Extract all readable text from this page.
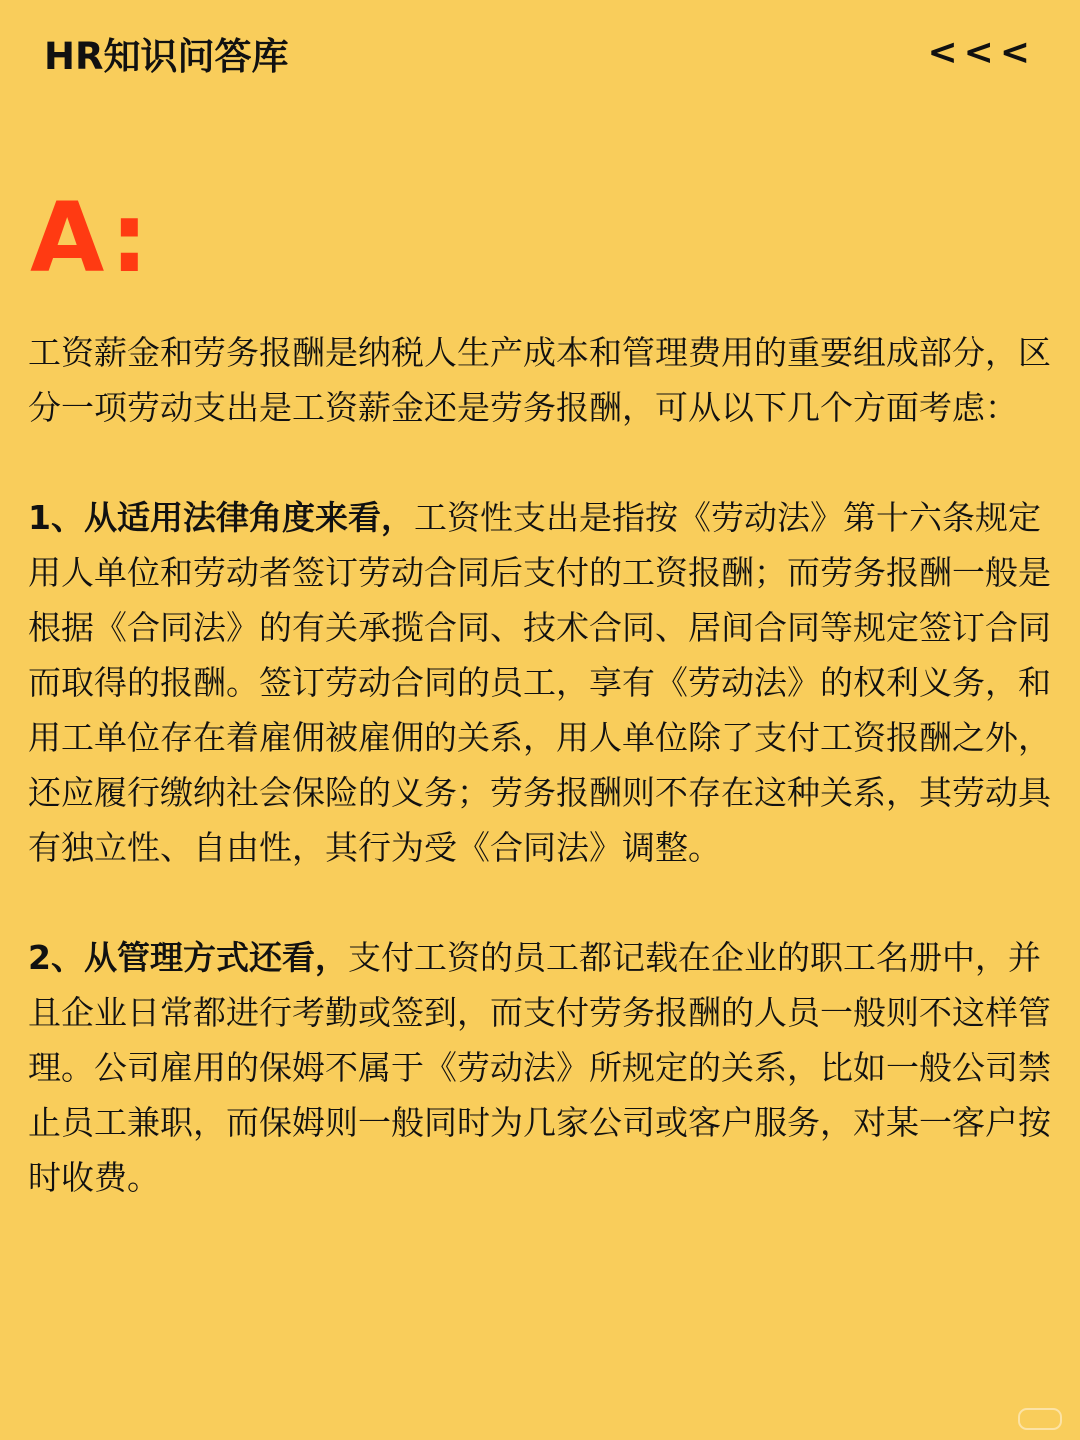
HR知识问答库	<<<
A:

工资薪金和劳务报酬是纳税人生产成本和管理费用的重要组成部分，区分一项劳动支出是工资薪金还是劳务报酬，可从以下几个方面考虑：

1、从适用法律角度来看，工资性支出是指按《劳动法》第十六条规定用人单位和劳动者签订劳动合同后支付的工资报酬；而劳务报酬一般是根据《合同法》的有关承揽合同、技术合同、居间合同等规定签订合同而取得的报酬。签订劳动合同的员工，享有《劳动法》的权利义务，和用工单位存在着雇佣被雇佣的关系，用人单位除了支付工资报酬之外，还应履行缴纳社会保险的义务；劳务报酬则不存在这种关系，其劳动具有独立性、自由性，其行为受《合同法》调整。

2、从管理方式还看，支付工资的员工都记载在企业的职工名册中，并且企业日常都进行考勤或签到，而支付劳务报酬的人员一般则不这样管理。公司雇用的保姆不属于《劳动法》所规定的关系，比如一般公司禁止员工兼职，而保姆则一般同时为几家公司或客户服务，对某一客户按时收费。
